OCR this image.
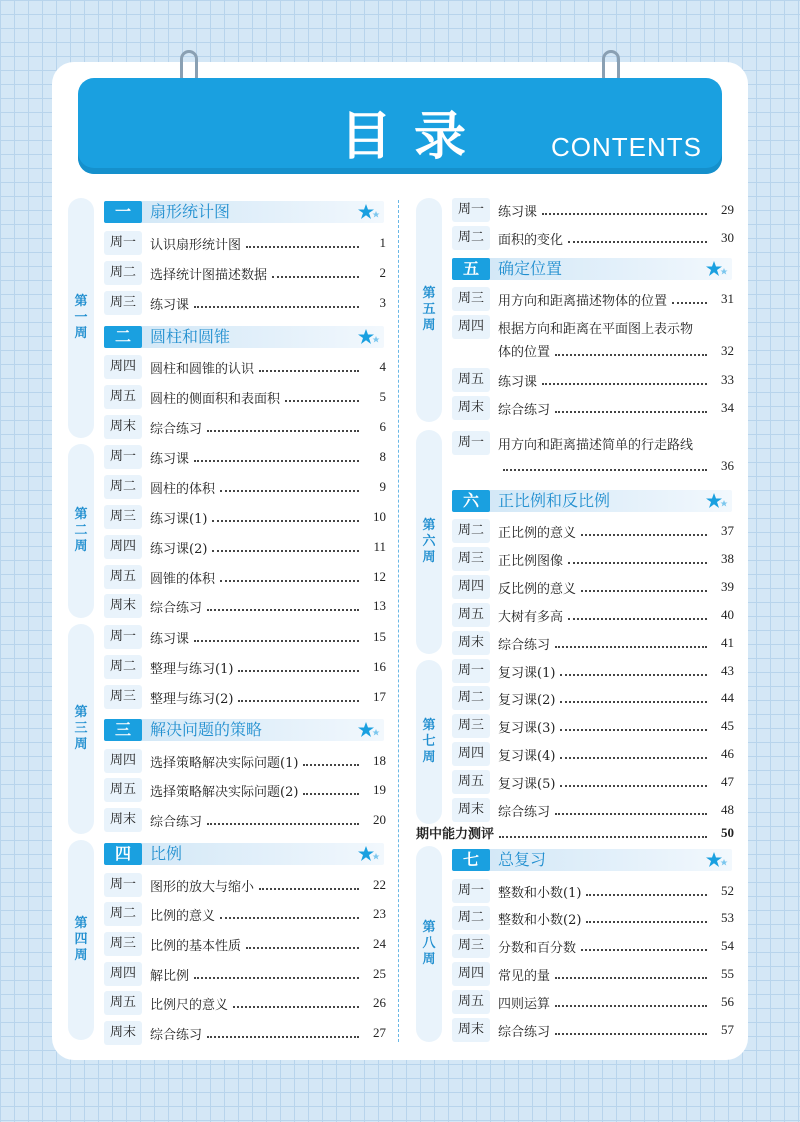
目录 CONTENTS
第一周
第二周
第三周
第四周
第五周
第六周
第七周
第八周
一	扇形统计图
二	圆柱和圆锥
三	解决问题的策略
四	比例
五	确定位置
六	正比例和反比例
七	总复习
周一	认识扇形统计图	1
周二	选择统计图描述数据	2
周三	练习课	3
周四	圆柱和圆锥的认识	4
周五	圆柱的侧面积和表面积	5
周末	综合练习	6
周一	练习课	8
周二	圆柱的体积	9
周三	练习课(1)	10
周四	练习课(2)	11
周五	圆锥的体积	12
周末	综合练习	13
周一	练习课	15
周二	整理与练习(1)	16
周三	整理与练习(2)	17
周四	选择策略解决实际问题(1)	18
周五	选择策略解决实际问题(2)	19
周末	综合练习	20
周一	图形的放大与缩小	22
周二	比例的意义	23
周三	比例的基本性质	24
周四	解比例	25
周五	比例尺的意义	26
周末	综合练习	27
周一	练习课	29
周二	面积的变化	30
周三	用方向和距离描述物体的位置	31
周四	根据方向和距离在平面图上表示物
体的位置	32
周五	练习课	33
周末	综合练习	34
周一	用方向和距离描述简单的行走路线
36
周二	正比例的意义	37
周三	正比例图像	38
周四	反比例的意义	39
周五	大树有多高	40
周末	综合练习	41
周一	复习课(1)	43
周二	复习课(2)	44
周三	复习课(3)	45
周四	复习课(4)	46
周五	复习课(5)	47
周末	综合练习	48
期中能力测评	50
周一	整数和小数(1)	52
周二	整数和小数(2)	53
周三	分数和百分数	54
周四	常见的量	55
周五	四则运算	56
周末	综合练习	57
